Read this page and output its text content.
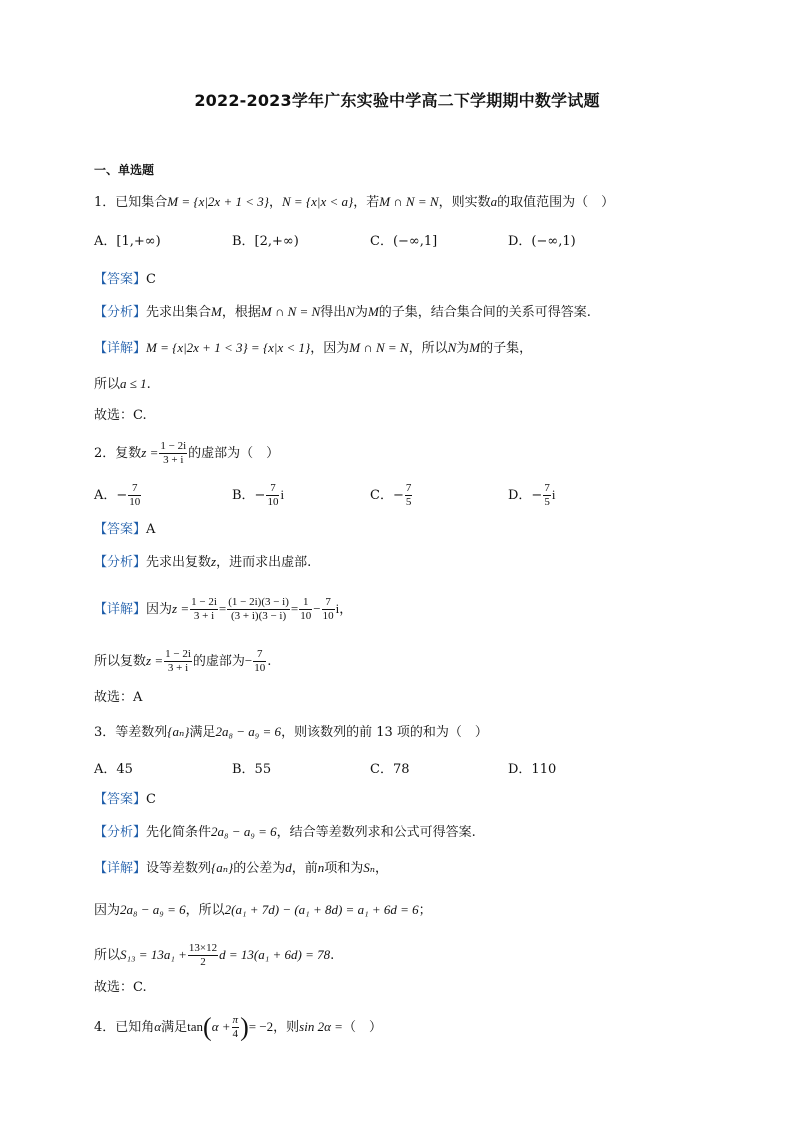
2022-2023学年广东实验中学高二下学期期中数学试题
一、单选题
1．已知集合M = {x|2x + 1 < 3}，N = {x|x < a}，若M ∩ N = N，则实数a的取值范围为（　）
A．[1,+∞)	B．[2,+∞)	C．(−∞,1]	D．(−∞,1)
【答案】C
【分析】先求出集合M，根据M ∩ N = N得出N为M的子集，结合集合间的关系可得答案.
【详解】M = {x|2x + 1 < 3} = {x|x < 1}，因为M ∩ N = N，所以N为M的子集，
所以a ≤ 1.
故选：C.
2．复数$z = \frac{1 - 2i}{3 + i}$ 的虚部为（　）
A．− $\frac{7}{10}$	B．− $\frac{7}{10}$ i	C．− $\frac{7}{5}$	D．− $\frac{7}{5}$ i
【答案】A
【分析】先求出复数z，进而求出虚部.
【详解】因为$z = \frac{1 - 2i}{3 + i} = \frac{(1 - 2i)(3 - i)}{(3 + i)(3 - i)} = \frac{1}{10} - \frac{7}{10}$ i，
所以复数$z = \frac{1 - 2i}{3 + i}$ 的虚部为− $\frac{7}{10}$ .
故选：A
3．等差数列{aₙ}满足2a₈ − a₉ = 6，则该数列的前 13 项的和为（　）
A．45	B．55	C．78	D．110
【答案】C
【分析】先化简条件2a₈ − a₉ = 6，结合等差数列求和公式可得答案.
【详解】设等差数列{aₙ}的公差为d，前n项和为Sₙ，
因为2a₈ − a₉ = 6，所以2(a₁ + 7d) − (a₁ + 8d) = a₁ + 6d = 6；
所以$S_{13} = 13a_1 + \frac{13\times 12}{2}$ d = 13(a₁ + 6d) = 78.
故选：C.
4．已知角α满足$\tan(\alpha + \frac{\pi}{4}$ )= −2，则sin 2α =（　）
